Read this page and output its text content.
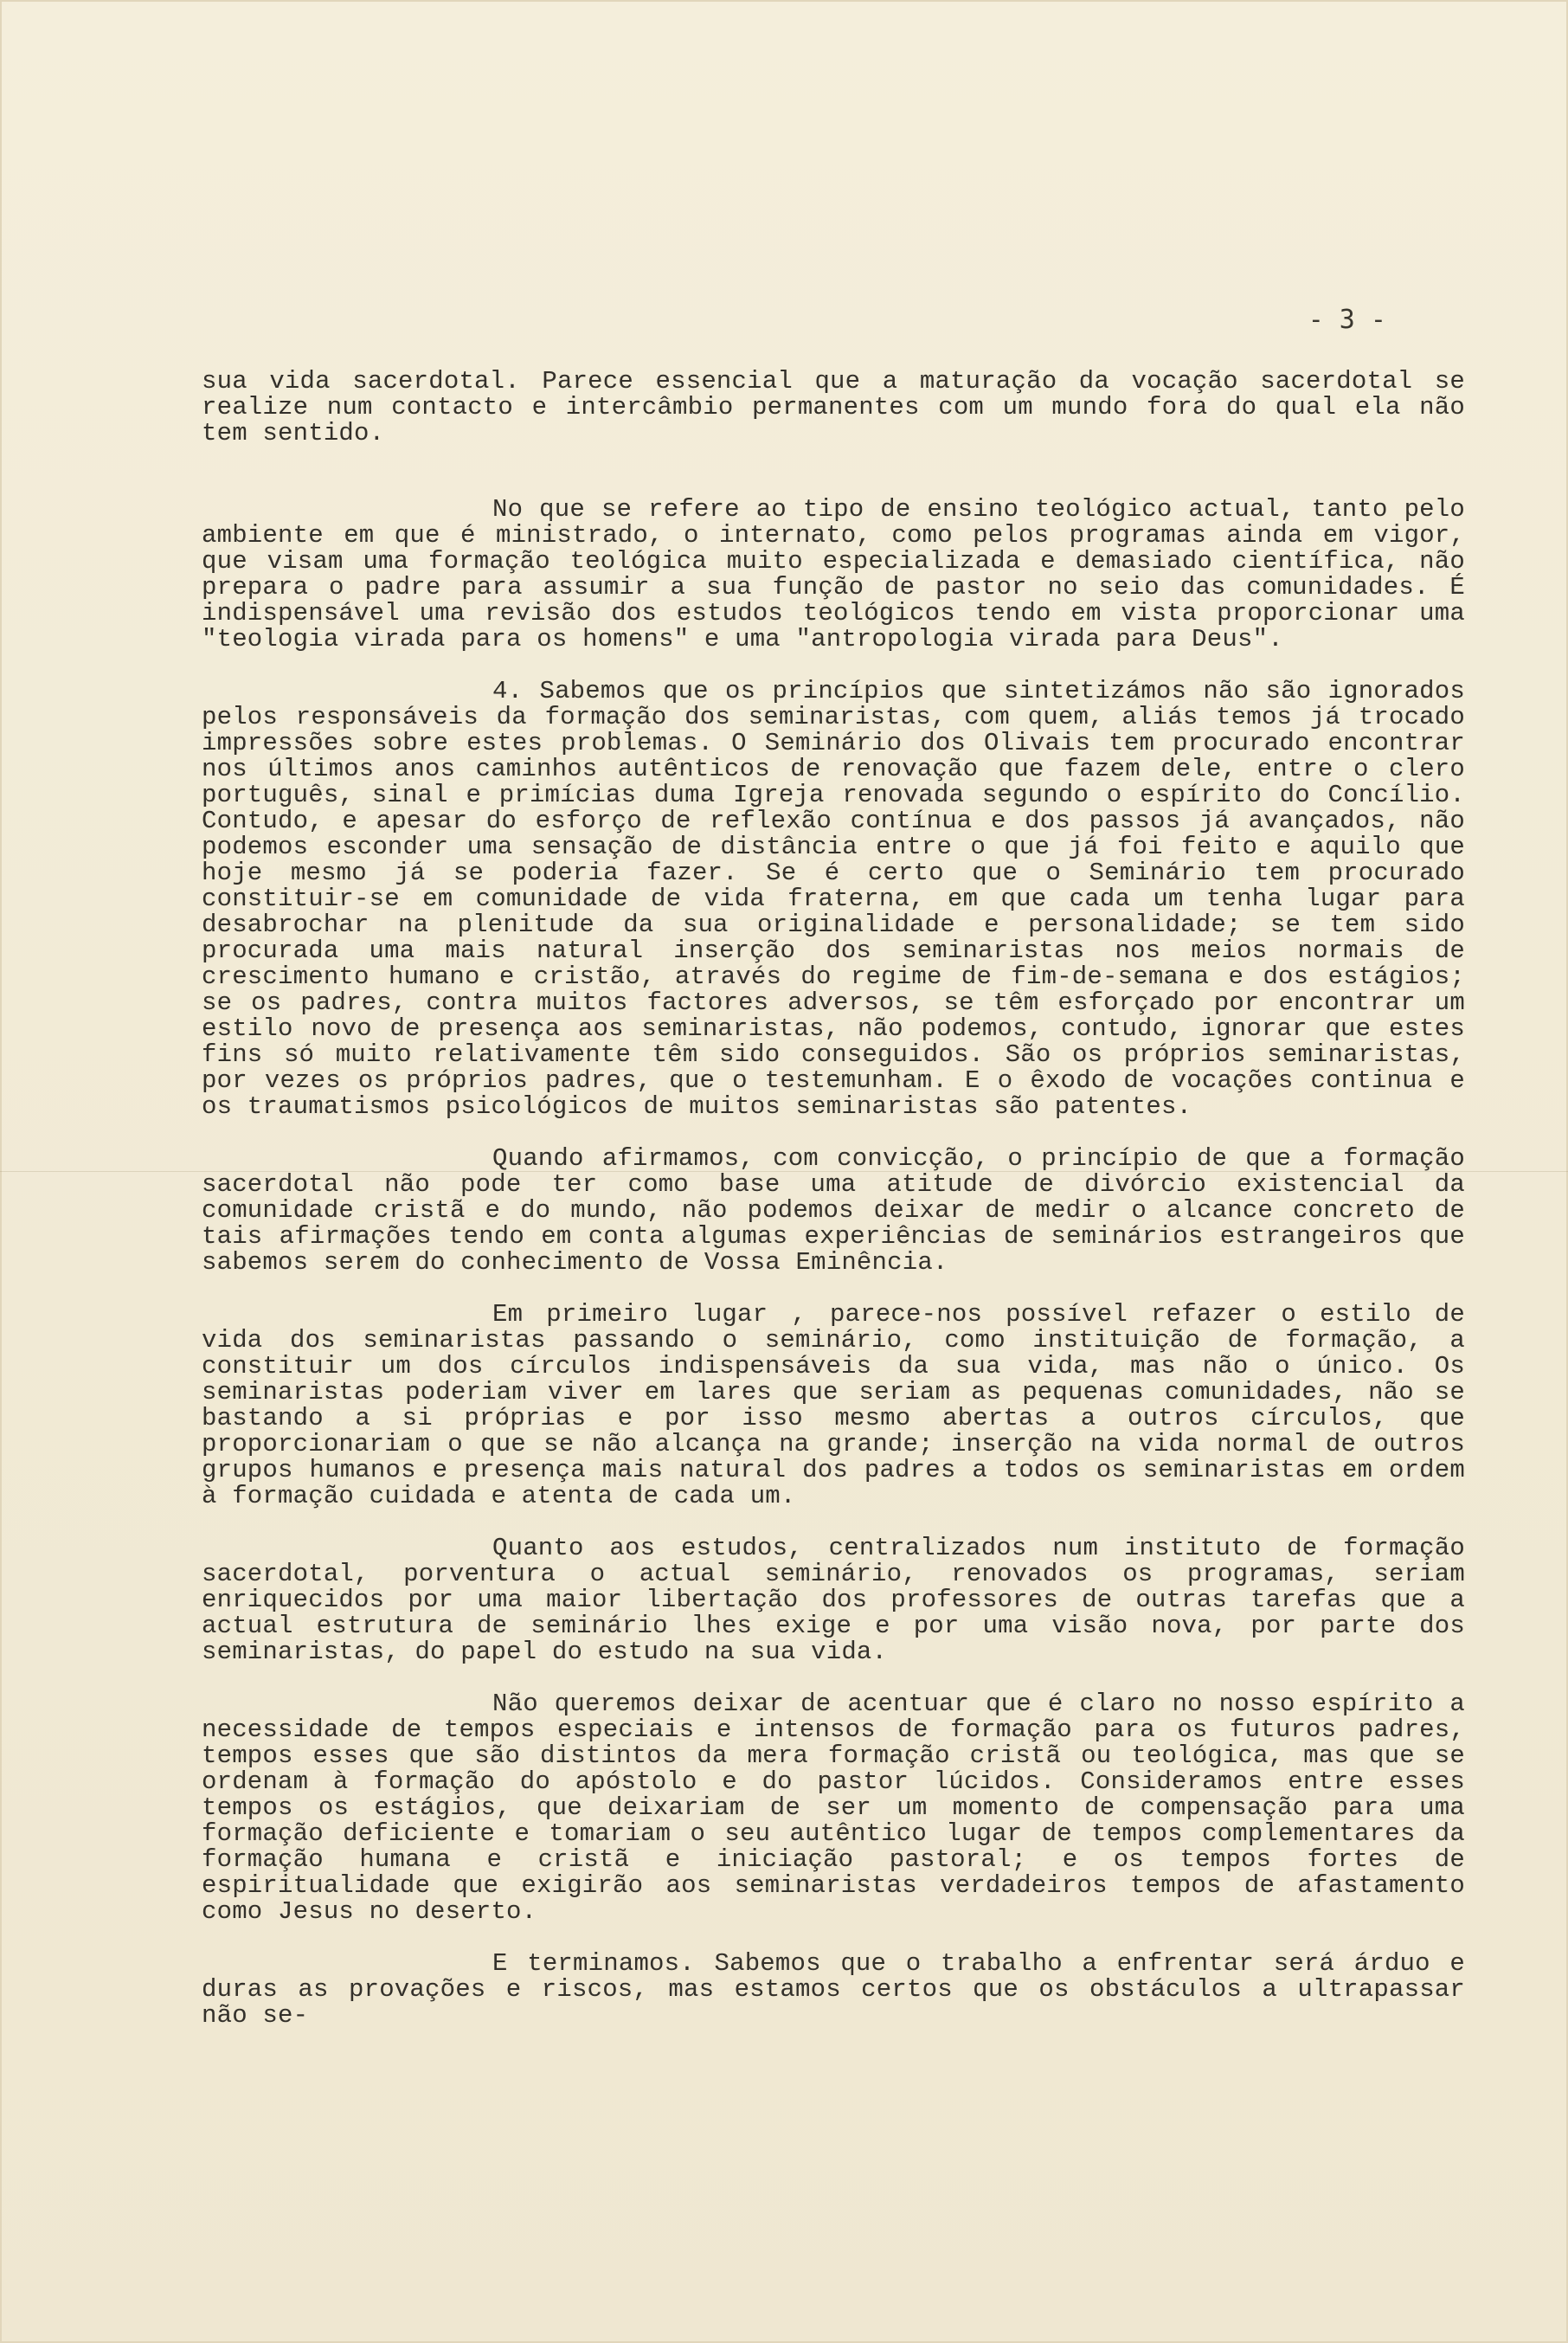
- 3 -

sua vida sacerdotal. Parece essencial que a maturação da vocação sacerdotal se realize num contacto e intercâmbio permanentes com um mundo fora do qual ela não tem sentido.

No que se refere ao tipo de ensino teológico actual, tanto pelo ambiente em que é ministrado, o internato, como pelos programas ainda em vigor, que visam uma formação teológica muito especializada e demasiado científica, não prepara o padre para assumir a sua função de pastor no seio das comunidades. É indispensável uma revisão dos estudos teológicos tendo em vista proporcionar uma "teologia virada para os homens" e uma "antropologia virada para Deus".

4. Sabemos que os princípios que sintetizámos não são ignorados pelos responsáveis da formação dos seminaristas, com quem, aliás temos já trocado impressões sobre estes problemas. O Seminário dos Olivais tem procurado encontrar nos últimos anos caminhos autênticos de renovação que fazem dele, entre o clero português, sinal e primícias duma Igreja renovada segundo o espírito do Concílio. Contudo, e apesar do esforço de reflexão contínua e dos passos já avançados, não podemos esconder uma sensação de distância entre o que já foi feito e aquilo que hoje mesmo já se poderia fazer. Se é certo que o Seminário tem procurado constituir-se em comunidade de vida fraterna, em que cada um tenha lugar para desabrochar na plenitude da sua originalidade e personalidade; se tem sido procurada uma mais natural inserção dos seminaristas nos meios normais de crescimento humano e cristão, através do regime de fim-de-semana e dos estágios; se os padres, contra muitos factores adversos, se têm esforçado por encontrar um estilo novo de presença aos seminaristas, não podemos, contudo, ignorar que estes fins só muito relativamente têm sido conseguidos. São os próprios seminaristas, por vezes os próprios padres, que o testemunham. E o êxodo de vocações continua e os traumatismos psicológicos de muitos seminaristas são patentes.

Quando afirmamos, com convicção, o princípio de que a formação sacerdotal não pode ter como base uma atitude de divórcio existencial da comunidade cristã e do mundo, não podemos deixar de medir o alcance concreto de tais afirmações tendo em conta algumas experiências de seminários estrangeiros que sabemos serem do conhecimento de Vossa Eminência.

Em primeiro lugar , parece-nos possível refazer o estilo de vida dos seminaristas passando o seminário, como instituição de formação, a constituir um dos círculos indispensáveis da sua vida, mas não o único. Os seminaristas poderiam viver em lares que seriam as pequenas comunidades, não se bastando a si próprias e por isso mesmo abertas a outros círculos, que proporcionariam o que se não alcança na grande; inserção na vida normal de outros grupos humanos e presença mais natural dos padres a todos os seminaristas em ordem à formação cuidada e atenta de cada um.

Quanto aos estudos, centralizados num instituto de formação sacerdotal, porventura o actual seminário, renovados os programas, seriam enriquecidos por uma maior libertação dos professores de outras tarefas que a actual estrutura de seminário lhes exige e por uma visão nova, por parte dos seminaristas, do papel do estudo na sua vida.

Não queremos deixar de acentuar que é claro no nosso espírito a necessidade de tempos especiais e intensos de formação para os futuros padres, tempos esses que são distintos da mera formação cristã ou teológica, mas que se ordenam à formação do apóstolo e do pastor lúcidos. Consideramos entre esses tempos os estágios, que deixariam de ser um momento de compensação para uma formação deficiente e tomariam o seu autêntico lugar de tempos complementares da formação humana e cristã e iniciação pastoral; e os tempos fortes de espiritualidade que exigirão aos seminaristas verdadeiros tempos de afastamento como Jesus no deserto.

E terminamos. Sabemos que o trabalho a enfrentar será árduo e duras as provações e riscos, mas estamos certos que os obstáculos a ultrapassar não se-
